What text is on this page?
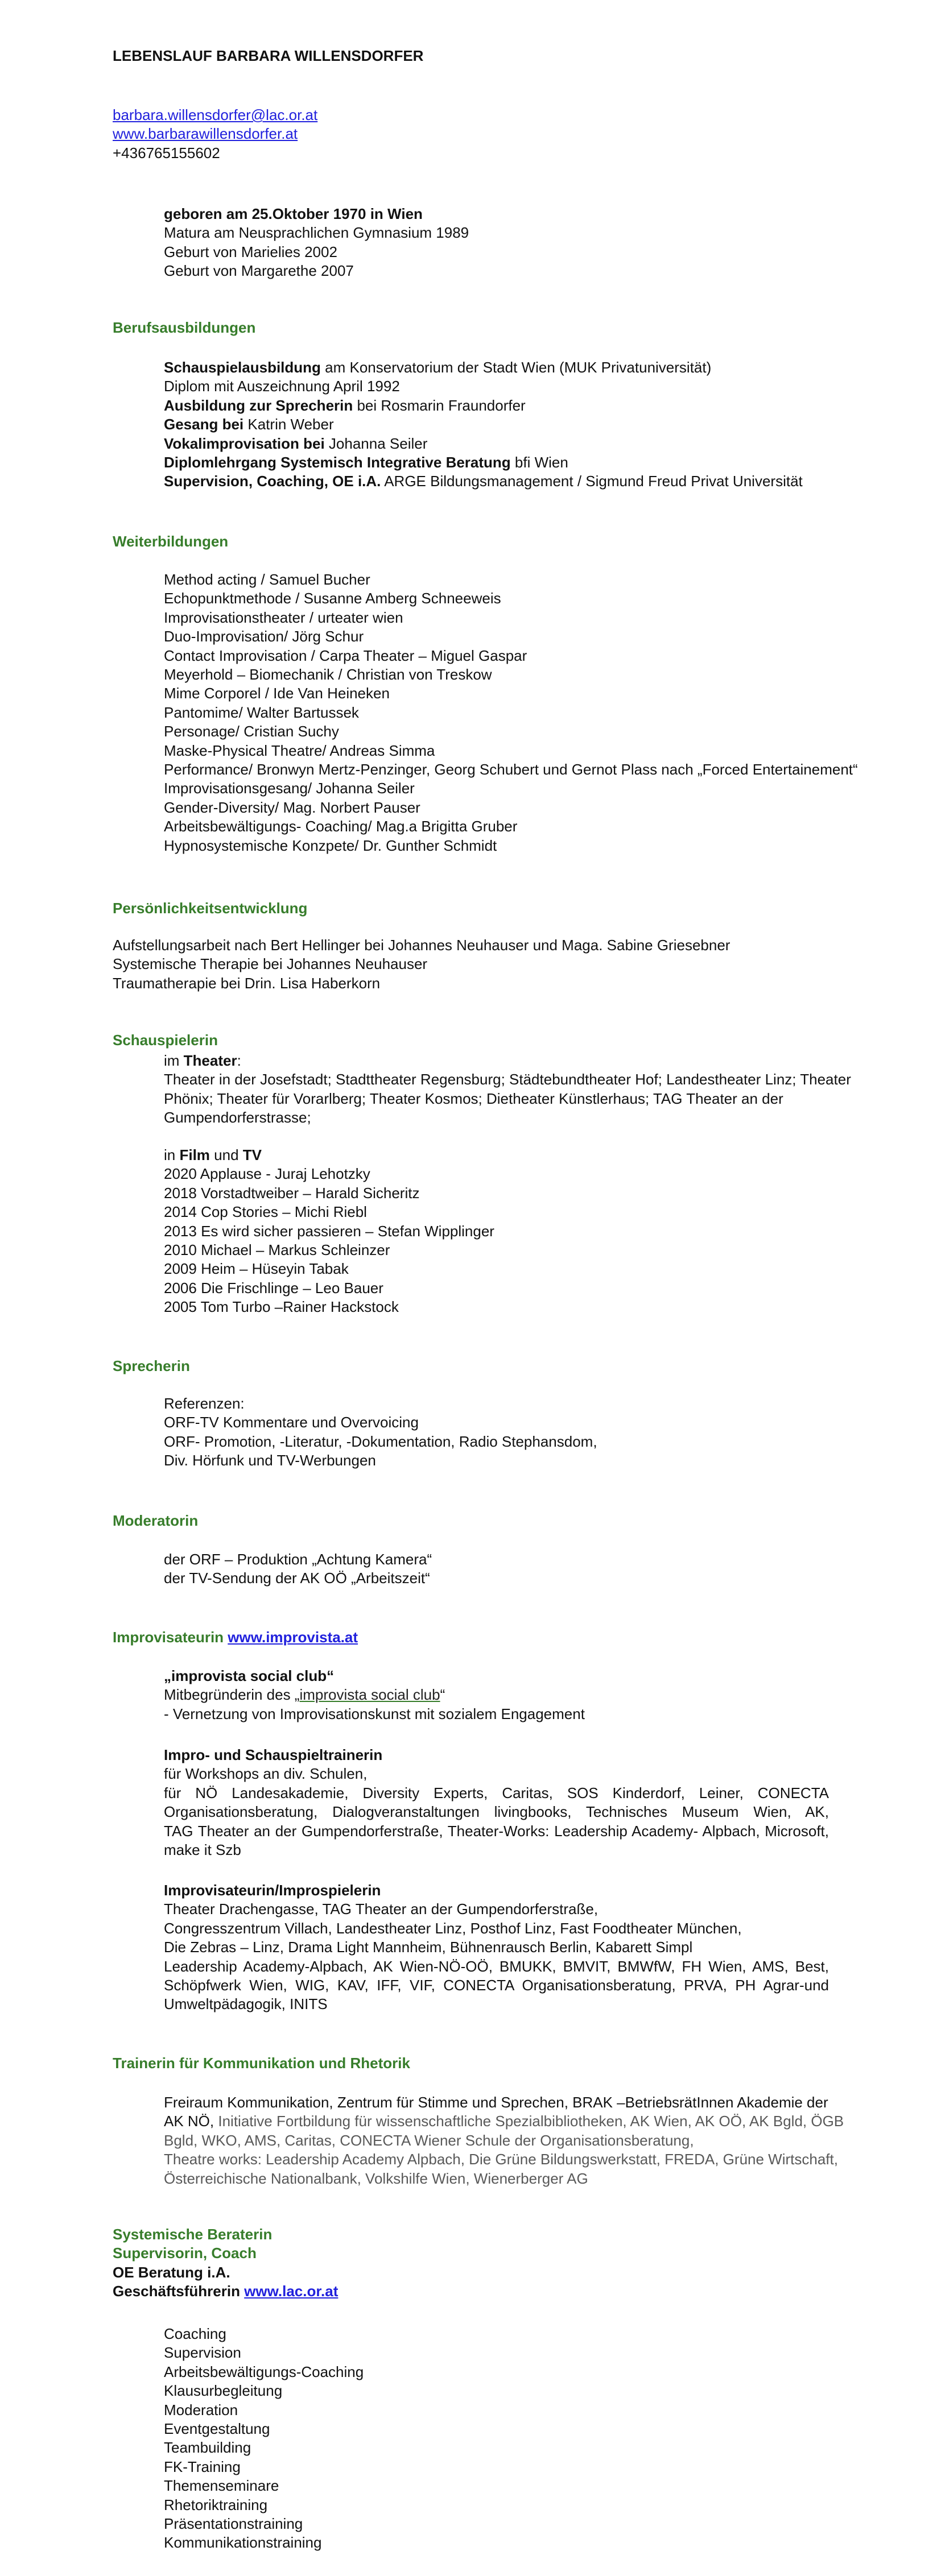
LEBENSLAUF BARBARA WILLENSDORFER
barbara.willensdorfer@lac.or.at
www.barbarawillensdorfer.at
+436765155602
geboren am 25.Oktober 1970 in Wien
Matura am Neusprachlichen Gymnasium 1989
Geburt von Marielies 2002
Geburt von Margarethe 2007
Berufsausbildungen
Schauspielausbildung am Konservatorium der Stadt Wien (MUK Privatuniversität)
Diplom mit Auszeichnung April 1992
Ausbildung zur Sprecherin bei Rosmarin Fraundorfer
Gesang bei Katrin Weber
Vokalimprovisation bei Johanna Seiler
Diplomlehrgang Systemisch Integrative Beratung bfi Wien
Supervision, Coaching, OE i.A. ARGE Bildungsmanagement / Sigmund Freud Privat Universität
Weiterbildungen
Method acting / Samuel Bucher
Echopunktmethode / Susanne Amberg Schneeweis
Improvisationstheater / urteater wien
Duo-Improvisation/ Jörg Schur
Contact Improvisation / Carpa Theater – Miguel Gaspar
Meyerhold – Biomechanik / Christian von Treskow
Mime Corporel / Ide Van Heineken
Pantomime/ Walter Bartussek
Personage/ Cristian Suchy
Maske-Physical Theatre/ Andreas Simma
Performance/ Bronwyn Mertz-Penzinger, Georg Schubert und Gernot Plass nach „Forced Entertainement“
Improvisationsgesang/ Johanna Seiler
Gender-Diversity/ Mag. Norbert Pauser
Arbeitsbewältigungs- Coaching/ Mag.a Brigitta Gruber
Hypnosystemische Konzpete/ Dr. Gunther Schmidt
Persönlichkeitsentwicklung
Aufstellungsarbeit nach Bert Hellinger bei Johannes Neuhauser und Maga. Sabine Griesebner
Systemische Therapie bei Johannes Neuhauser
Traumatherapie bei Drin. Lisa Haberkorn
Schauspielerin
im Theater:
Theater in der Josefstadt; Stadttheater Regensburg; Städtebundtheater Hof; Landestheater Linz; Theater
Phönix; Theater für Vorarlberg; Theater Kosmos; Dietheater Künstlerhaus; TAG Theater an der
Gumpendorferstrasse;
in Film und TV
2020 Applause - Juraj Lehotzky
2018 Vorstadtweiber – Harald Sicheritz
2014 Cop Stories – Michi Riebl
2013 Es wird sicher passieren – Stefan Wipplinger
2010 Michael – Markus Schleinzer
2009 Heim – Hüseyin Tabak
2006 Die Frischlinge – Leo Bauer
2005 Tom Turbo –Rainer Hackstock
Sprecherin
Referenzen:
ORF-TV Kommentare und Overvoicing
ORF- Promotion, -Literatur, -Dokumentation, Radio Stephansdom,
Div. Hörfunk und TV-Werbungen
Moderatorin
der ORF – Produktion „Achtung Kamera“
der TV-Sendung der AK OÖ „Arbeitszeit“
Improvisateurin www.improvista.at
„improvista social club“
Mitbegründerin des „improvista social club“
- Vernetzung von Improvisationskunst mit sozialem Engagement
Impro- und Schauspieltrainerin
für Workshops an div. Schulen,
für NÖ Landesakademie, Diversity Experts, Caritas, SOS Kinderdorf, Leiner, CONECTA
Organisationsberatung, Dialogveranstaltungen livingbooks, Technisches Museum Wien, AK,
TAG Theater an der Gumpendorferstraße, Theater-Works: Leadership Academy- Alpbach, Microsoft,
make it Szb
Improvisateurin/Improspielerin
Theater Drachengasse, TAG Theater an der Gumpendorferstraße,
Congresszentrum Villach, Landestheater Linz, Posthof Linz, Fast Foodtheater München,
Die Zebras – Linz, Drama Light Mannheim, Bühnenrausch Berlin, Kabarett Simpl
Leadership Academy-Alpbach, AK Wien-NÖ-OÖ, BMUKK, BMVIT, BMWfW, FH Wien, AMS, Best,
Schöpfwerk Wien, WIG, KAV, IFF, VIF, CONECTA Organisationsberatung, PRVA, PH Agrar-und
Umweltpädagogik, INITS
Trainerin für Kommunikation und Rhetorik
Freiraum Kommunikation, Zentrum für Stimme und Sprechen, BRAK –BetriebsrätInnen Akademie der
AK NÖ, Initiative Fortbildung für wissenschaftliche Spezialbibliotheken, AK Wien, AK OÖ, AK Bgld, ÖGB
Bgld, WKO, AMS, Caritas, CONECTA Wiener Schule der Organisationsberatung,
Theatre works: Leadership Academy Alpbach, Die Grüne Bildungswerkstatt, FREDA, Grüne Wirtschaft,
Österreichische Nationalbank, Volkshilfe Wien, Wienerberger AG
Systemische Beraterin
Supervisorin, Coach
OE Beratung i.A.
Geschäftsführerin www.lac.or.at
Coaching
Supervision
Arbeitsbewältigungs-Coaching
Klausurbegleitung
Moderation
Eventgestaltung
Teambuilding
FK-Training
Themenseminare
Rhetoriktraining
Präsentationstraining
Kommunikationstraining
